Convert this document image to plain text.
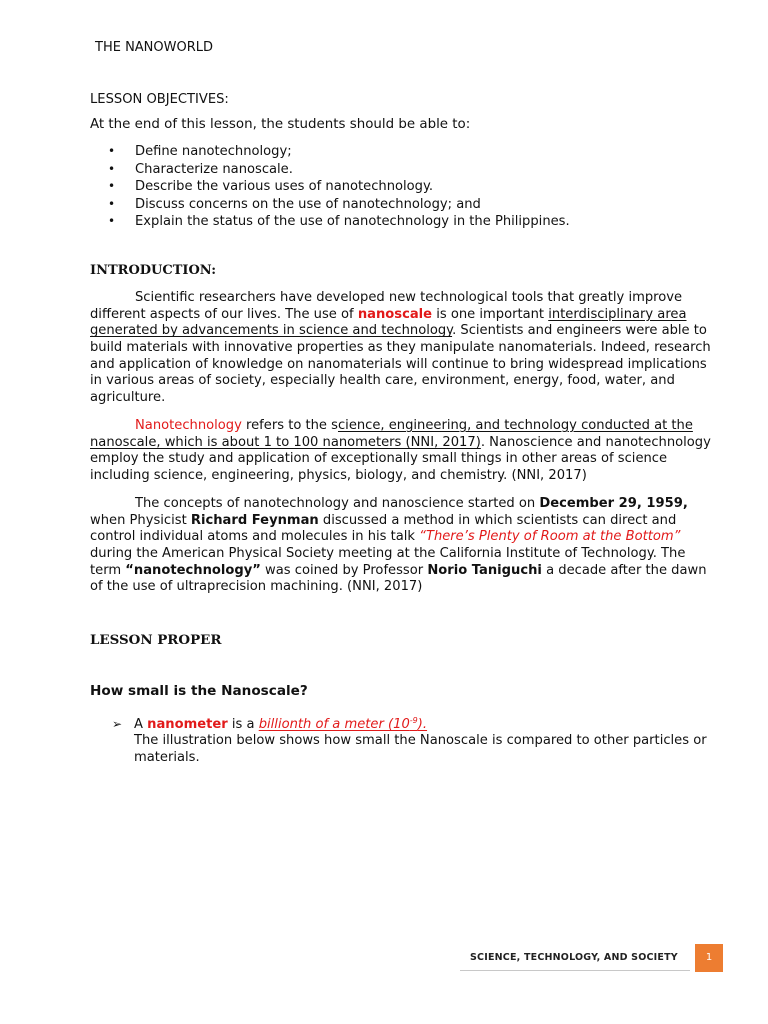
THE NANOWORLD
LESSON OBJECTIVES:
At the end of this lesson, the students should be able to:
• Define nanotechnology;
• Characterize nanoscale.
• Describe the various uses of nanotechnology.
• Discuss concerns on the use of nanotechnology; and
• Explain the status of the use of nanotechnology in the Philippines.
INTRODUCTION:
Scientific researchers have developed new technological tools that greatly improve
different aspects of our lives. The use of nanoscale is one important interdisciplinary area
generated by advancements in science and technology. Scientists and engineers were able to
build materials with innovative properties as they manipulate nanomaterials. Indeed, research
and application of knowledge on nanomaterials will continue to bring widespread implications
in various areas of society, especially health care, environment, energy, food, water, and
agriculture.
Nanotechnology refers to the science, engineering, and technology conducted at the
nanoscale, which is about 1 to 100 nanometers (NNI, 2017). Nanoscience and nanotechnology
employ the study and application of exceptionally small things in other areas of science
including science, engineering, physics, biology, and chemistry. (NNI, 2017)
The concepts of nanotechnology and nanoscience started on December 29, 1959,
when Physicist Richard Feynman discussed a method in which scientists can direct and
control individual atoms and molecules in his talk “There’s Plenty of Room at the Bottom”
during the American Physical Society meeting at the California Institute of Technology. The
term “nanotechnology” was coined by Professor Norio Taniguchi a decade after the dawn
of the use of ultraprecision machining. (NNI, 2017)
LESSON PROPER
How small is the Nanoscale?
➢ A nanometer is a billionth of a meter $(10^{-9})$.
The illustration below shows how small the Nanoscale is compared to other particles or
materials.
SCIENCE, TECHNOLOGY, AND SOCIETY	1
